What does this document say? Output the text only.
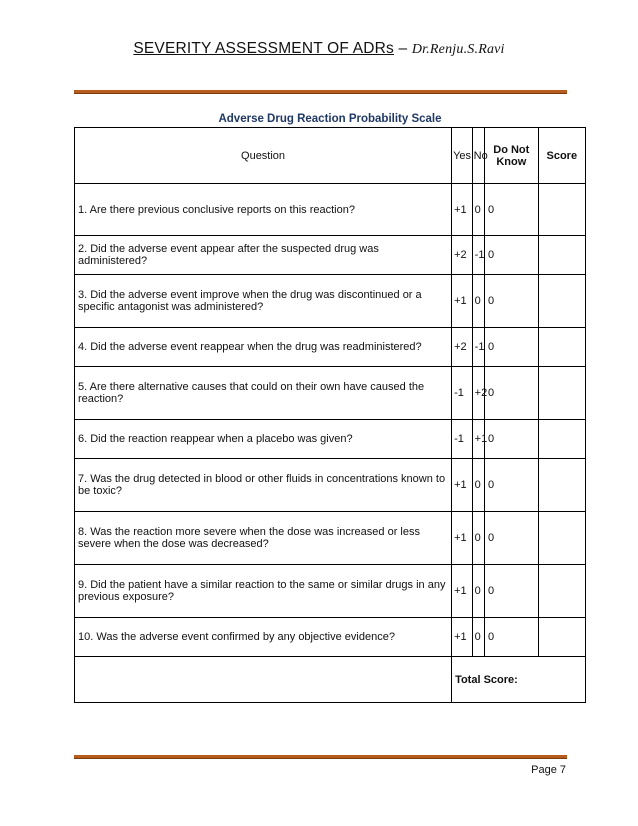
SEVERITY ASSESSMENT OF ADRs – Dr.Renju.S.Ravi
Adverse Drug Reaction Probability Scale
Question	Yes	No	Do Not Know	Score
1. Are there previous conclusive reports on this reaction?	+1	0	0	
2. Did the adverse event appear after the suspected drug was administered?	+2	-1	0	
3. Did the adverse event improve when the drug was discontinued or a specific antagonist was administered?	+1	0	0	
4. Did the adverse event reappear when the drug was readministered?	+2	-1	0	
5. Are there alternative causes that could on their own have caused the reaction?	-1	+2	0	
6. Did the reaction reappear when a placebo was given?	-1	+1	0	
7. Was the drug detected in blood or other fluids in concentrations known to be toxic?	+1	0	0	
8. Was the reaction more severe when the dose was increased or less severe when the dose was decreased?	+1	0	0	
9. Did the patient have a similar reaction to the same or similar drugs in any previous exposure?	+1	0	0	
10. Was the adverse event confirmed by any objective evidence?	+1	0	0	
	Total Score:			
Page 7
